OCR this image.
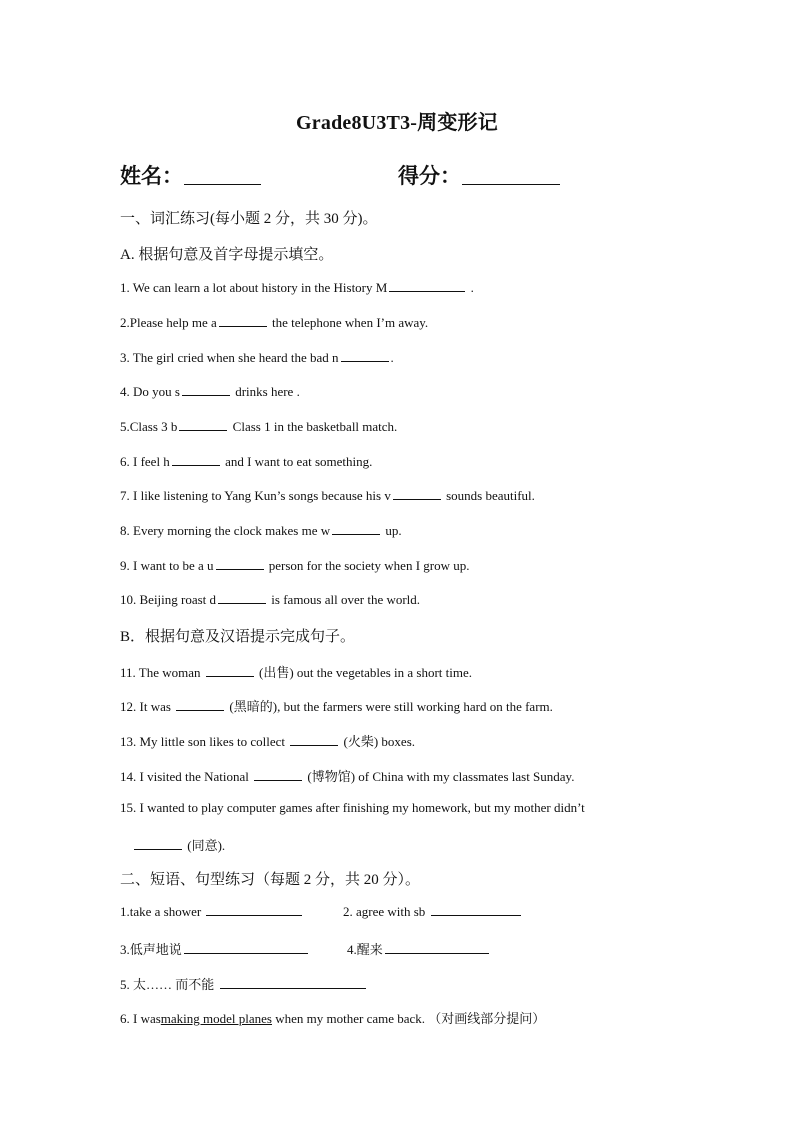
Grade8U3T3-周变形记
姓名：	得分：
一、词汇练习(每小题 2 分，共 30 分)。
A. 根据句意及首字母提示填空。
1. We can learn a lot about history in the History M	.
2.Please help me a	the telephone when I’m away.
3. The girl cried when she heard the bad n	.
4. Do you s	drinks here .
5.Class 3 b	Class 1 in the basketball match.
6. I feel h	and I want to eat something.
7. I like listening to Yang Kun’s songs because his v	sounds beautiful.
8. Every morning the clock makes me w	up.
9. I want to be a u	person for the society when I grow up.
10. Beijing roast d	is famous all over the world.
B．根据句意及汉语提示完成句子。
11. The woman	(出售) out the vegetables in a short time.
12. It was	(黑暗的), but the farmers were still working hard on the farm.
13. My little son likes to collect	(火柴) boxes.
14. I visited the National	(博物馆) of China with my classmates last Sunday.
15. I wanted to play computer games after finishing my homework, but my mother didn’t
(同意).
二、短语、句型练习（每题 2 分，共 20 分）。
1.take a shower	2. agree with sb
3.低声地说	4.醒来
5. 太…… 而不能
6. I wasmaking model planes when my mother came back. （对画线部分提问）
